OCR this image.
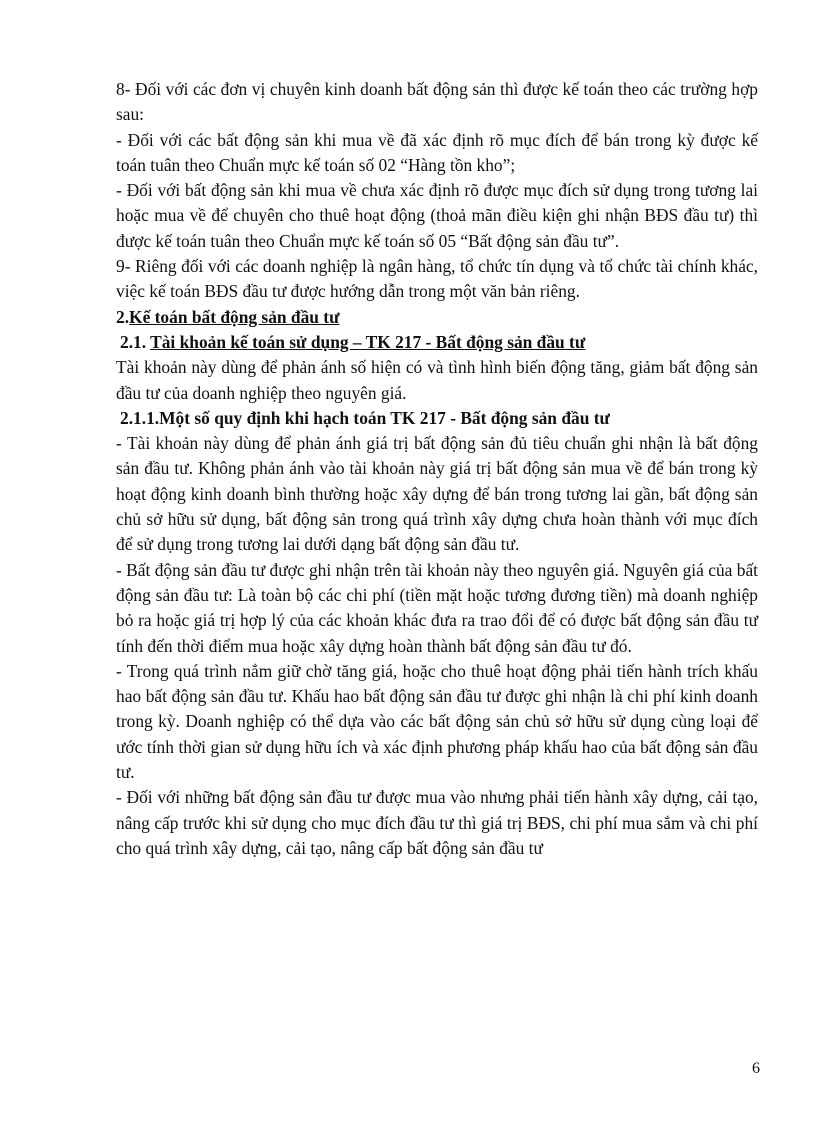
8- Đối với các đơn vị chuyên kinh doanh bất động sản thì được kế toán theo các trường hợp sau:

- Đối với các bất động sản khi mua về đã xác định rõ mục đích để bán trong kỳ được kế toán tuân theo Chuẩn mực kế toán số 02 “Hàng tồn kho”;

- Đối với bất động sản khi mua về chưa xác định rõ được mục đích sử dụng trong tương lai hoặc mua về để chuyên cho thuê hoạt động (thoả mãn điều kiện ghi nhận BĐS đầu tư) thì được kế toán tuân theo Chuẩn mực kế toán số 05 “Bất động sản đầu tư”.

9- Riêng đối với các doanh nghiệp là ngân hàng, tổ chức tín dụng và tổ chức tài chính khác, việc kế toán BĐS đầu tư được hướng dẫn trong một văn bản riêng.

2.Kế toán bất động sản đầu tư

2.1. Tài khoản kế toán sử dụng – TK 217 - Bất động sản đầu tư

Tài khoản này dùng để phản ánh số hiện có và tình hình biến động tăng, giảm bất động sản đầu tư của doanh nghiệp theo nguyên giá.

2.1.1.Một số quy định khi hạch toán TK 217 - Bất động sản đầu tư

- Tài khoản này dùng để phản ánh giá trị bất động sản đủ tiêu chuẩn ghi nhận là bất động sản đầu tư. Không phản ánh vào tài khoản này giá trị bất động sản mua về để bán trong kỳ hoạt động kinh doanh bình thường hoặc xây dựng để bán trong tương lai gần, bất động sản chủ sở hữu sử dụng, bất động sản trong quá trình xây dựng chưa hoàn thành với mục đích để sử dụng trong tương lai dưới dạng bất động sản đầu tư.

- Bất động sản đầu tư được ghi nhận trên tài khoản này theo nguyên giá. Nguyên giá của bất động sản đầu tư: Là toàn bộ các chi phí (tiền mặt hoặc tương đương tiền) mà doanh nghiệp bỏ ra hoặc giá trị hợp lý của các khoản khác đưa ra trao đổi để có được bất động sản đầu tư tính đến thời điểm mua hoặc xây dựng hoàn thành bất động sản đầu tư đó.

- Trong quá trình nắm giữ chờ tăng giá, hoặc cho thuê hoạt động phải tiến hành trích khấu hao bất động sản đầu tư. Khấu hao bất động sản đầu tư được ghi nhận là chi phí kinh doanh trong kỳ. Doanh nghiệp có thể dựa vào các bất động sản chủ sở hữu sử dụng cùng loại để ước tính thời gian sử dụng hữu ích và xác định phương pháp khấu hao của bất động sản đầu tư.

- Đối với những bất động sản đầu tư được mua vào nhưng phải tiến hành xây dựng, cải tạo, nâng cấp trước khi sử dụng cho mục đích đầu tư thì giá trị BĐS, chi phí mua sắm và chi phí cho quá trình xây dựng, cải tạo, nâng cấp bất động sản đầu tư

6
